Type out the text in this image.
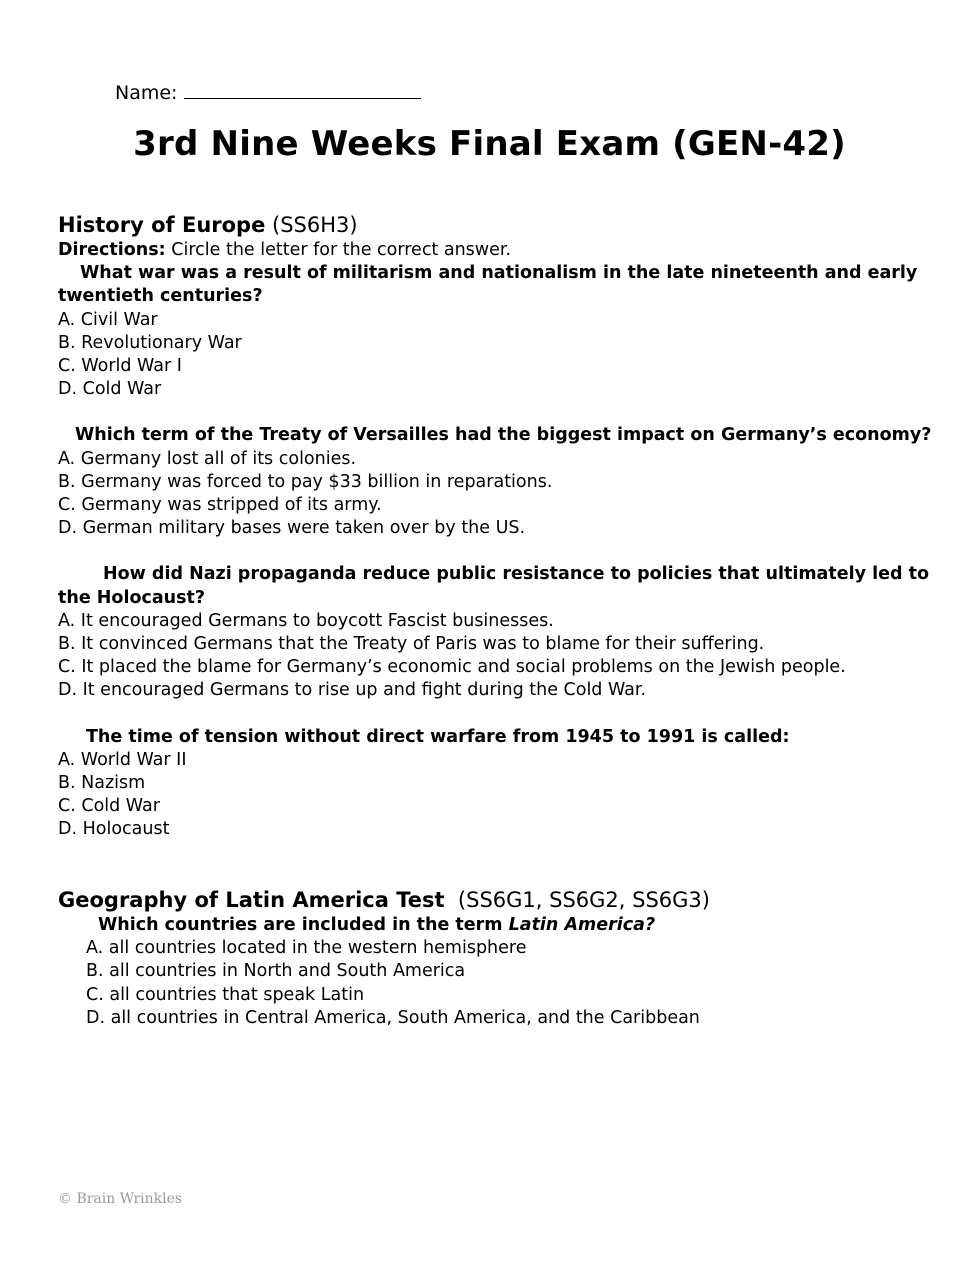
Name:
3rd Nine Weeks Final Exam (GEN-42)
History of Europe (SS6H3)
Directions: Circle the letter for the correct answer.
What war was a result of militarism and nationalism in the late nineteenth and early
twentieth centuries?
A. Civil War
B. Revolutionary War
C. World War I
D. Cold War
Which term of the Treaty of Versailles had the biggest impact on Germany’s economy?
A. Germany lost all of its colonies.
B. Germany was forced to pay $33 billion in reparations.
C. Germany was stripped of its army.
D. German military bases were taken over by the US.
How did Nazi propaganda reduce public resistance to policies that ultimately led to
the Holocaust?
A. It encouraged Germans to boycott Fascist businesses.
B. It convinced Germans that the Treaty of Paris was to blame for their suffering.
C. It placed the blame for Germany’s economic and social problems on the Jewish people.
D. It encouraged Germans to rise up and fight during the Cold War.
The time of tension without direct warfare from 1945 to 1991 is called:
A. World War II
B. Nazism
C. Cold War
D. Holocaust
Geography of Latin America Test (SS6G1, SS6G2, SS6G3)
Which countries are included in the term Latin America?
A. all countries located in the western hemisphere
B. all countries in North and South America
C. all countries that speak Latin
D. all countries in Central America, South America, and the Caribbean
© Brain Wrinkles
